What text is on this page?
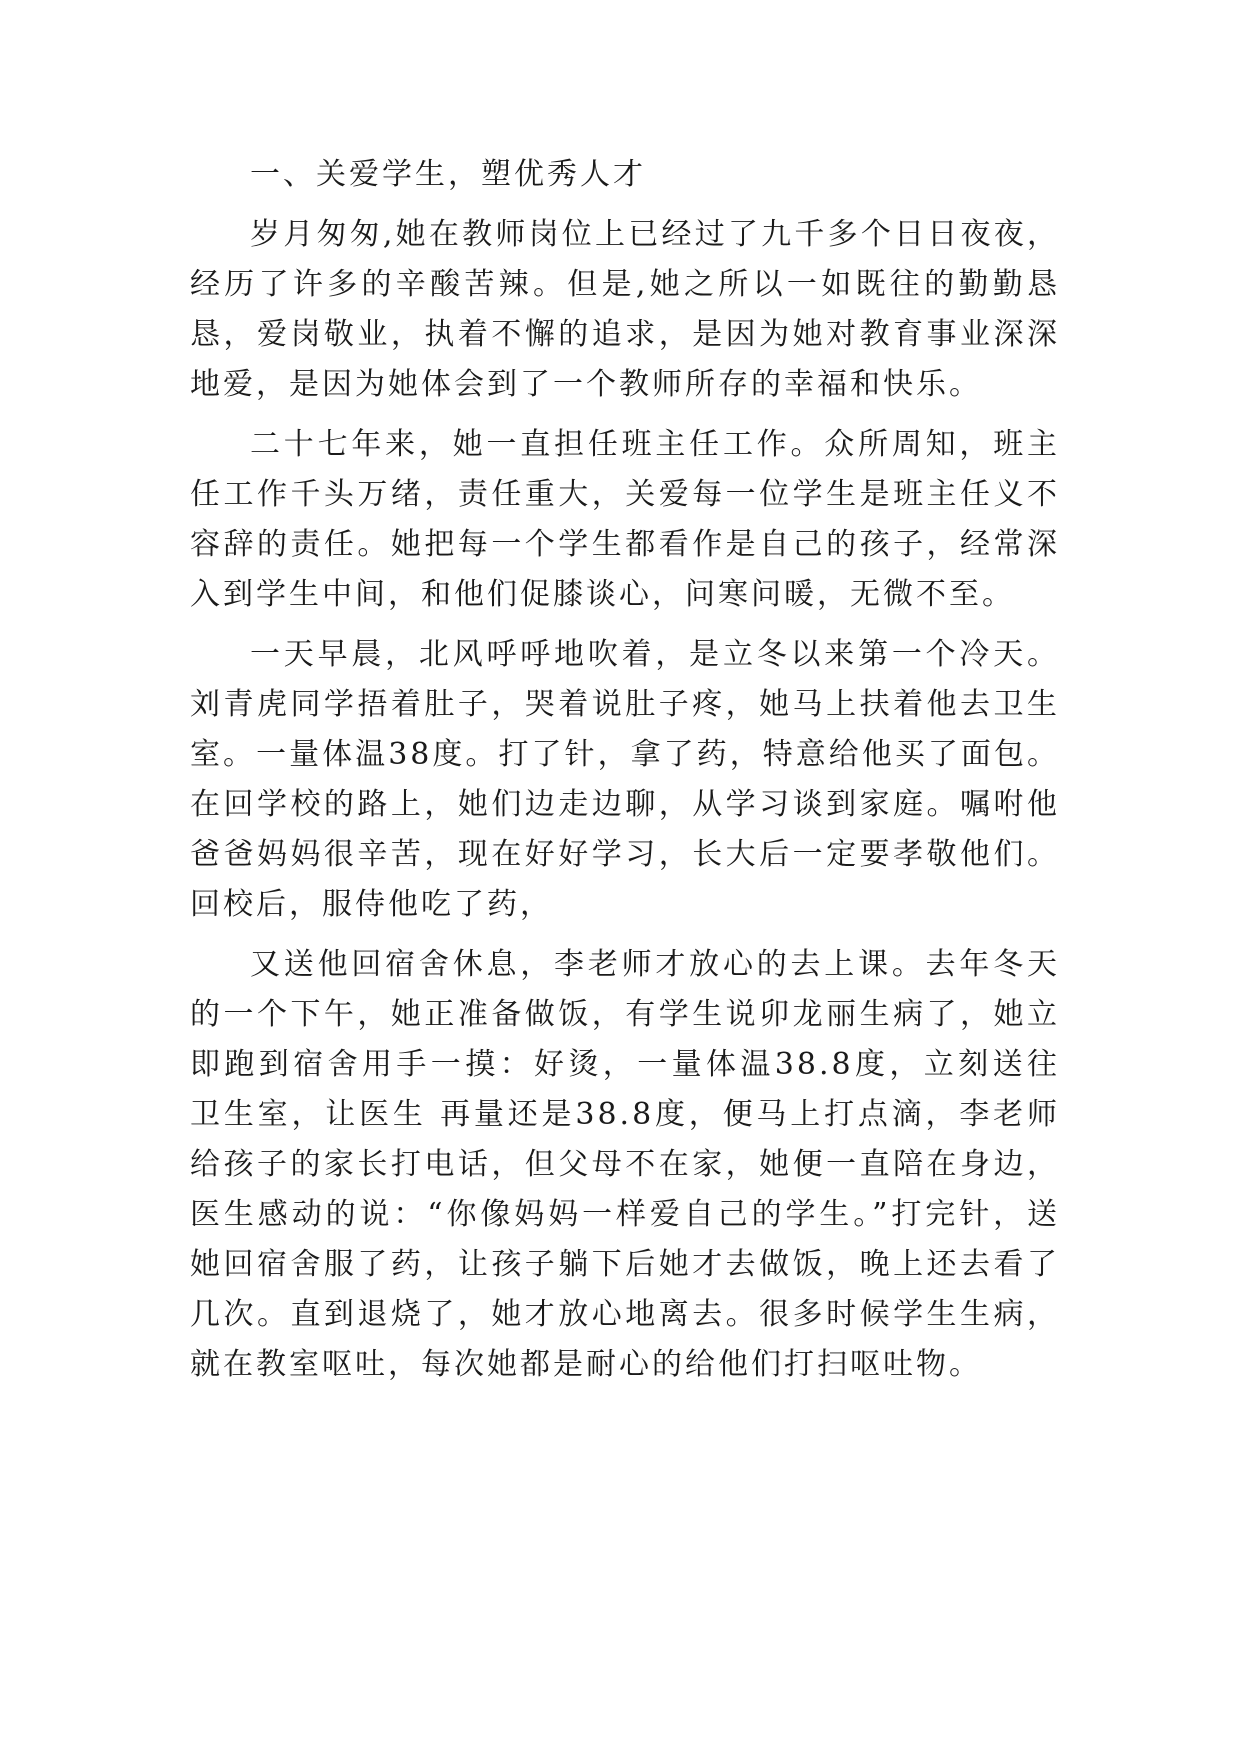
一、关爱学生，塑优秀人才

岁月匆匆,她在教师岗位上已经过了九千多个日日夜夜，经历了许多的辛酸苦辣。但是,她之所以一如既往的勤勤恳恳，爱岗敬业，执着不懈的追求，是因为她对教育事业深深地爱，是因为她体会到了一个教师所存的幸福和快乐。

二十七年来，她一直担任班主任工作。众所周知，班主任工作千头万绪，责任重大，关爱每一位学生是班主任义不容辞的责任。她把每一个学生都看作是自己的孩子，经常深入到学生中间，和他们促膝谈心，问寒问暖，无微不至。

一天早晨，北风呼呼地吹着，是立冬以来第一个冷天。刘青虎同学捂着肚子，哭着说肚子疼，她马上扶着他去卫生室。一量体温38度。打了针，拿了药，特意给他买了面包。在回学校的路上，她们边走边聊，从学习谈到家庭。嘱咐他爸爸妈妈很辛苦，现在好好学习，长大后一定要孝敬他们。回校后，服侍他吃了药，

又送他回宿舍休息，李老师才放心的去上课。去年冬天的一个下午，她正准备做饭，有学生说卯龙丽生病了，她立即跑到宿舍用手一摸：好烫，一量体温38.8度，立刻送往卫生室，让医生 再量还是38.8度，便马上打点滴，李老师给孩子的家长打电话，但父母不在家，她便一直陪在身边，医生感动的说：“你像妈妈一样爱自己的学生。”打完针，送她回宿舍服了药，让孩子躺下后她才去做饭，晚上还去看了几次。直到退烧了，她才放心地离去。很多时候学生生病，就在教室呕吐，每次她都是耐心的给他们打扫呕吐物。
